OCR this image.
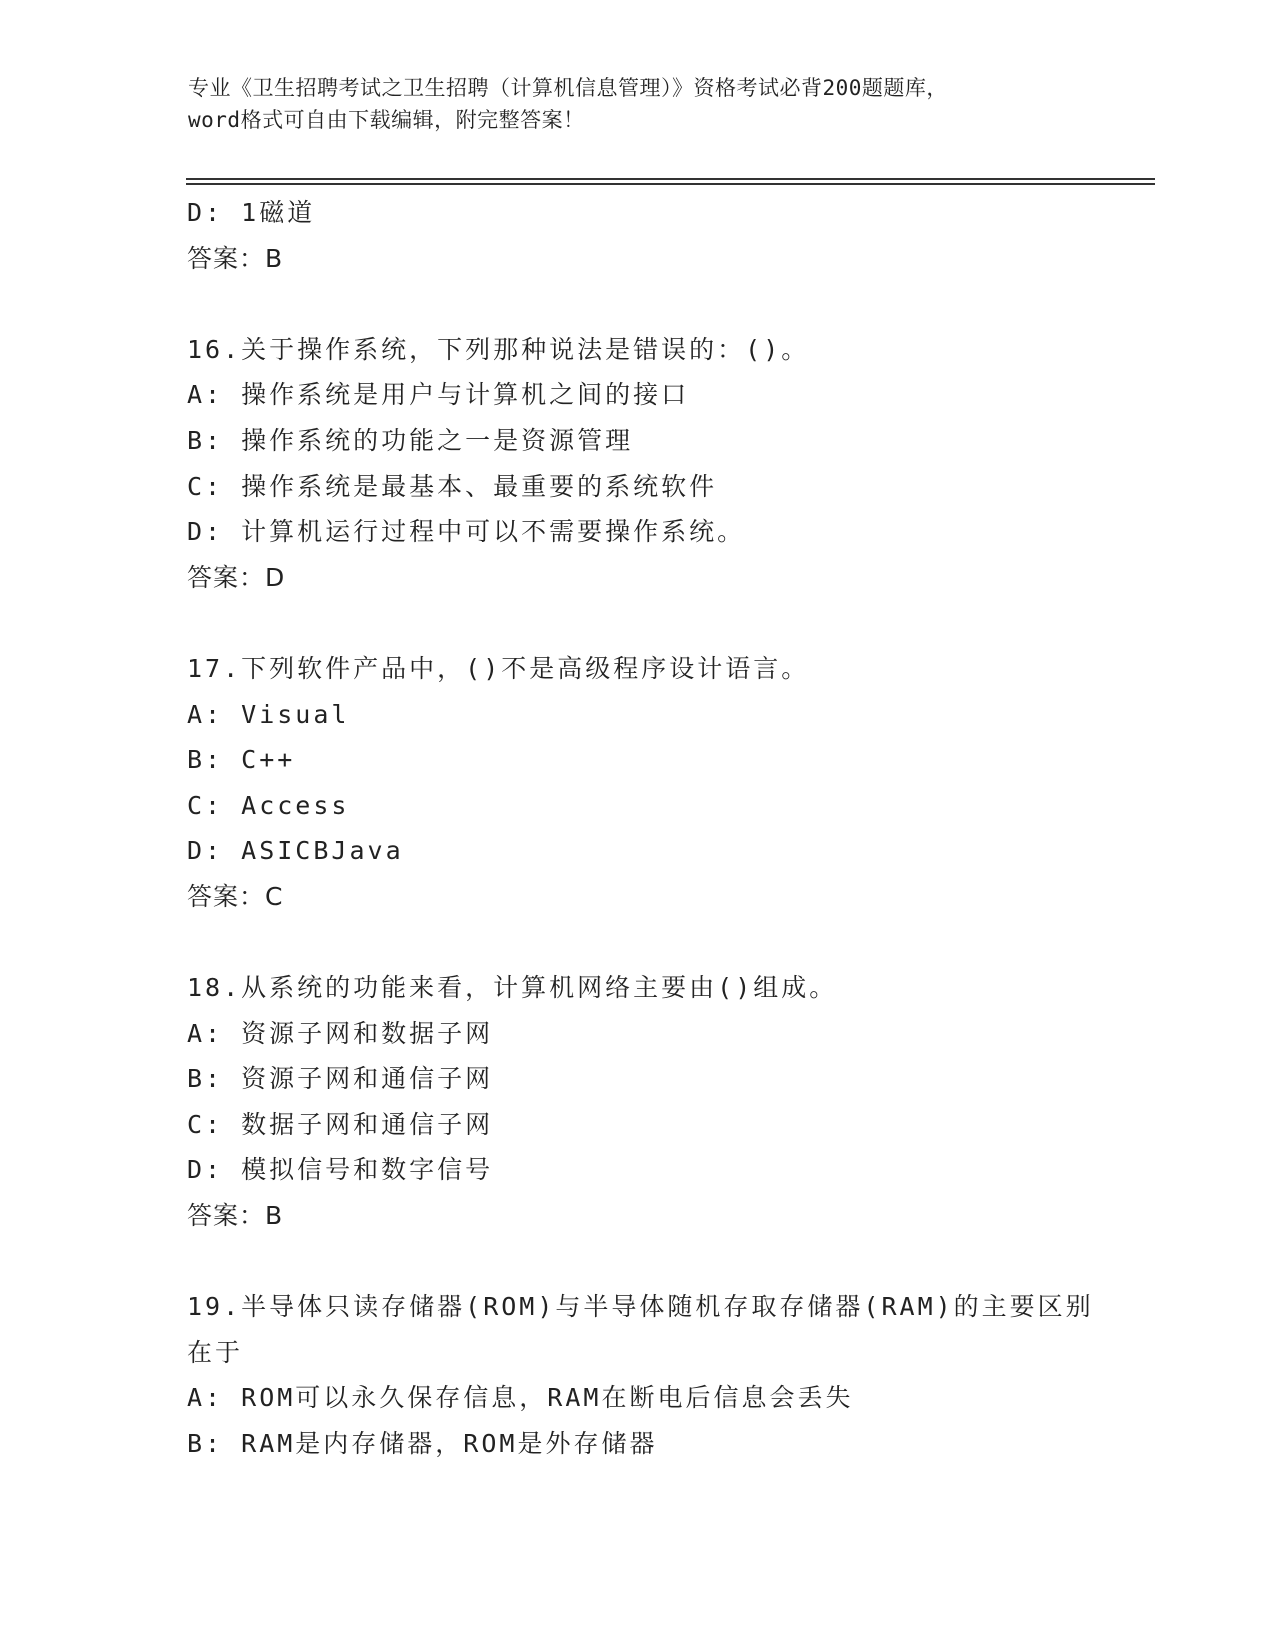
专业《卫生招聘考试之卫生招聘（计算机信息管理）》资格考试必背200题题库，
word格式可自由下载编辑，附完整答案！
D: 1磁道
答案：B
16.关于操作系统，下列那种说法是错误的：()。
A: 操作系统是用户与计算机之间的接口
B: 操作系统的功能之一是资源管理
C: 操作系统是最基本、最重要的系统软件
D: 计算机运行过程中可以不需要操作系统。
答案：D
17.下列软件产品中，()不是高级程序设计语言。
A: Visual
B: C++
C: Access
D: ASICBJava
答案：C
18.从系统的功能来看，计算机网络主要由()组成。
A: 资源子网和数据子网
B: 资源子网和通信子网
C: 数据子网和通信子网
D: 模拟信号和数字信号
答案：B
19.半导体只读存储器(ROM)与半导体随机存取存储器(RAM)的主要区别
在于
A: ROM可以永久保存信息，RAM在断电后信息会丢失
B: RAM是内存储器，ROM是外存储器
